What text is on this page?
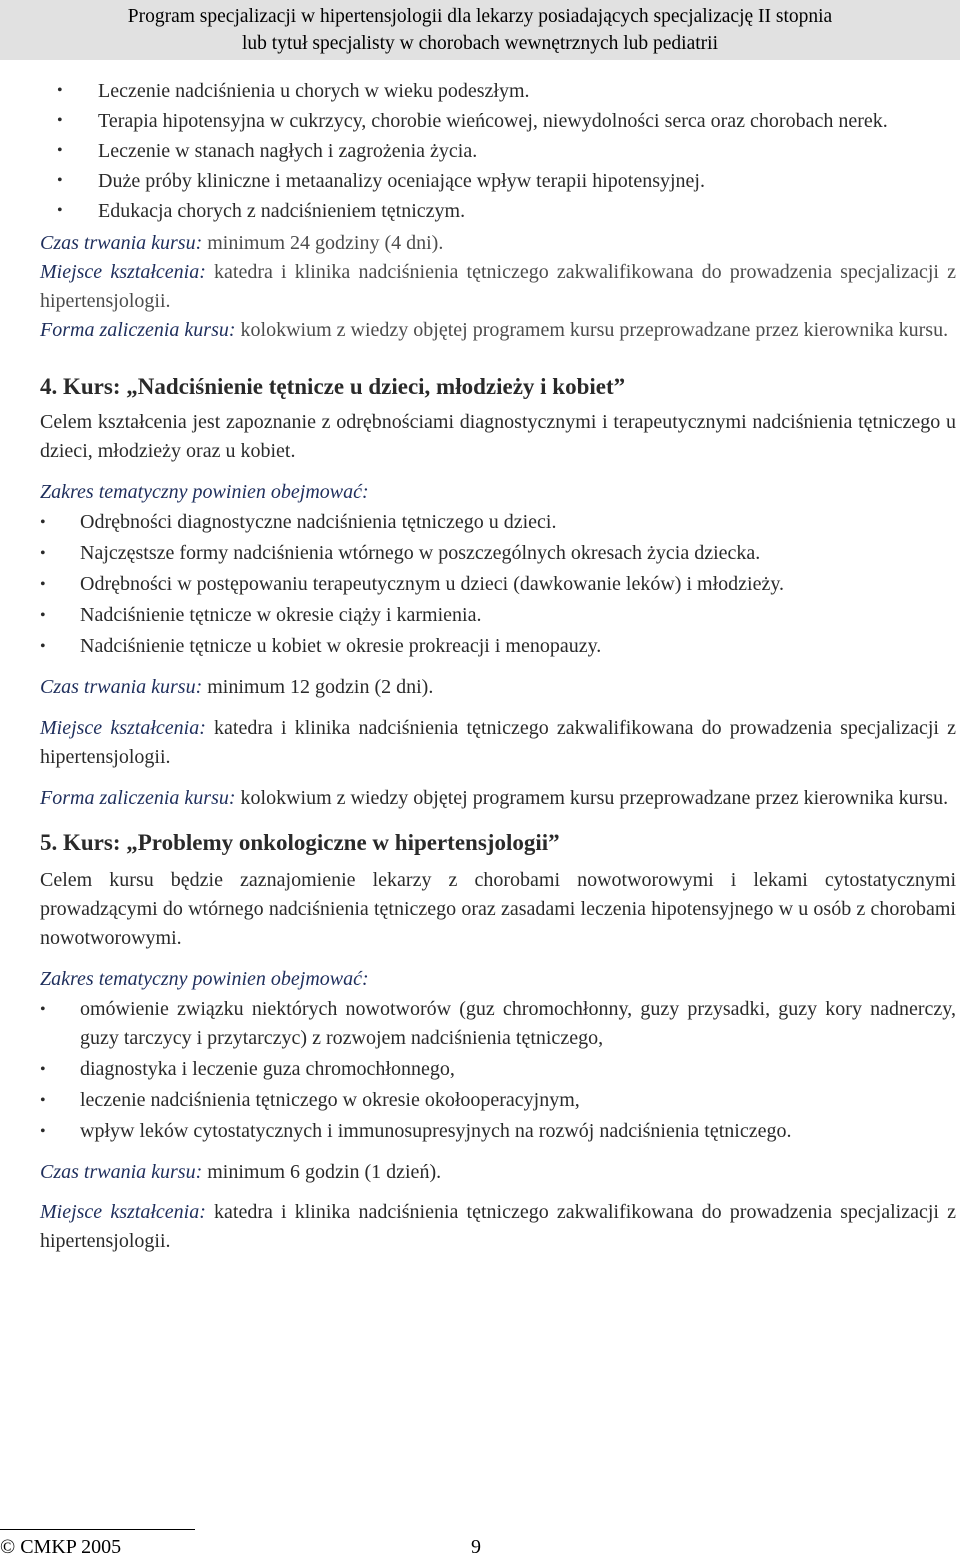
Program specjalizacji w hipertensjologii dla lekarzy posiadających specjalizację II stopnia
lub tytuł specjalisty w chorobach wewnętrznych lub pediatrii
• Leczenie nadciśnienia u chorych w wieku podeszłym.
• Terapia hipotensyjna w cukrzycy, chorobie wieńcowej, niewydolności serca oraz chorobach nerek.
• Leczenie w stanach nagłych i zagrożenia życia.
• Duże próby kliniczne i metaanalizy oceniające wpływ terapii hipotensyjnej.
• Edukacja chorych z nadciśnieniem tętniczym.

Czas trwania kursu: minimum 24 godziny (4 dni).

Miejsce kształcenia: katedra i klinika nadciśnienia tętniczego zakwalifikowana do prowadzenia specjalizacji z hipertensjologii.

Forma zaliczenia kursu: kolokwium z wiedzy objętej programem kursu przeprowadzane przez kierownika kursu.

4. Kurs: „Nadciśnienie tętnicze u dzieci, młodzieży i kobiet”

Celem kształcenia jest zapoznanie z odrębnościami diagnostycznymi i terapeutycznymi nadciśnienia tętniczego u dzieci, młodzieży oraz u kobiet.

Zakres tematyczny powinien obejmować:

• Odrębności diagnostyczne nadciśnienia tętniczego u dzieci.
• Najczęstsze formy nadciśnienia wtórnego w poszczególnych okresach życia dziecka.
• Odrębności w postępowaniu terapeutycznym u dzieci (dawkowanie leków) i młodzieży.
• Nadciśnienie tętnicze w okresie ciąży i karmienia.
• Nadciśnienie tętnicze u kobiet w okresie prokreacji i menopauzy.

Czas trwania kursu: minimum 12 godzin (2 dni).

Miejsce kształcenia: katedra i klinika nadciśnienia tętniczego zakwalifikowana do prowadzenia specjalizacji z hipertensjologii.

Forma zaliczenia kursu: kolokwium z wiedzy objętej programem kursu przeprowadzane przez kierownika kursu.

5. Kurs: „Problemy onkologiczne w hipertensjologii”

Celem kursu będzie zaznajomienie lekarzy z chorobami nowotworowymi i lekami cytostatycznymi prowadzącymi do wtórnego nadciśnienia tętniczego oraz zasadami leczenia hipotensyjnego w u osób z chorobami nowotworowymi.

Zakres tematyczny powinien obejmować:

• omówienie związku niektórych nowotworów (guz chromochłonny, guzy przysadki, guzy kory nadnerczy, guzy tarczycy i przytarczyc) z rozwojem nadciśnienia tętniczego,
• diagnostyka i leczenie guza chromochłonnego,
• leczenie nadciśnienia tętniczego w okresie okołooperacyjnym,
• wpływ leków cytostatycznych i immunosupresyjnych na rozwój nadciśnienia tętniczego.

Czas trwania kursu: minimum 6 godzin (1 dzień).

Miejsce kształcenia: katedra i klinika nadciśnienia tętniczego zakwalifikowana do prowadzenia specjalizacji z hipertensjologii.

© CMKP 2005	9
